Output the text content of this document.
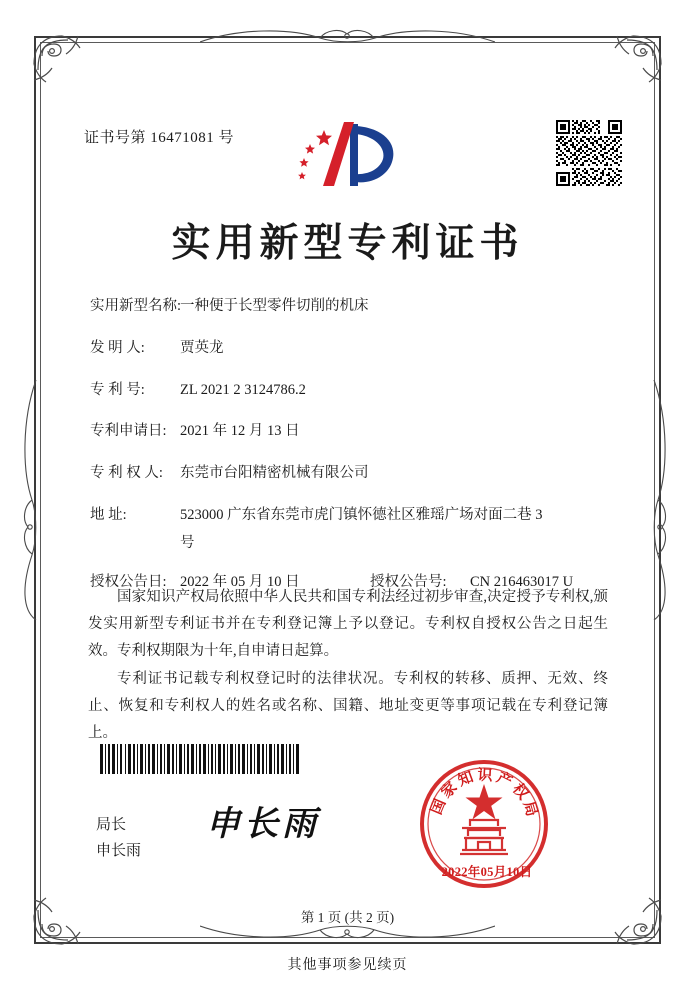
证书号第 16471081 号
实用新型专利证书
实用新型名称:
一种便于长型零件切削的机床
发 明 人:	贾英龙
专 利 号:	ZL 2021 2 3124786.2
专利申请日: 2021 年 12 月 13 日
专 利 权 人:	东莞市台阳精密机械有限公司
地 址:	523000 广东省东莞市虎门镇怀德社区雅瑶广场对面二巷 3
号
授权公告日: 2022 年 05 月 10 日	授权公告号:	CN 216463017 U

国家知识产权局依照中华人民共和国专利法经过初步审查,决定授予专利权,颁发实用新型专利证书并在专利登记簿上予以登记。专利权自授权公告之日起生效。专利权期限为十年,自申请日起算。

专利证书记载专利权登记时的法律状况。专利权的转移、质押、无效、终止、恢复和专利权人的姓名或名称、国籍、地址变更等事项记载在专利登记簿上。

局长
申长雨
申长雨	国家知识产权局
2022年05月10日
第 1 页 (共 2 页)
其他事项参见续页
